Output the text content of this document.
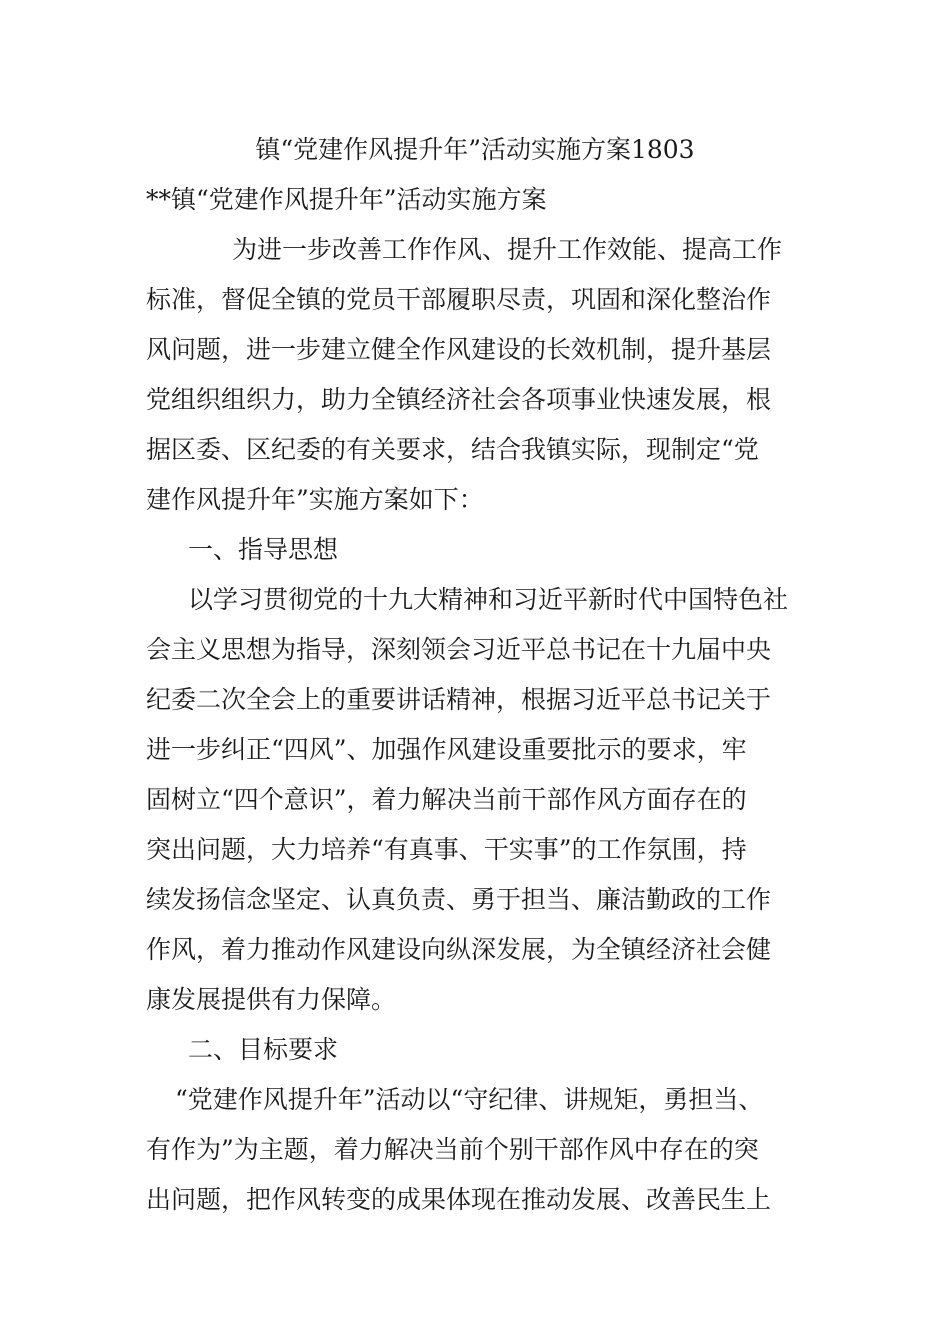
镇“党建作风提升年”活动实施方案1803
**镇“党建作风提升年”活动实施方案
为进一步改善工作作风、提升工作效能、提高工作
标准，督促全镇的党员干部履职尽责，巩固和深化整治作
风问题，进一步建立健全作风建设的长效机制，提升基层
党组织组织力，助力全镇经济社会各项事业快速发展，根
据区委、区纪委的有关要求，结合我镇实际，现制定“党
建作风提升年”实施方案如下：
一、指导思想
以学习贯彻党的十九大精神和习近平新时代中国特色社
会主义思想为指导，深刻领会习近平总书记在十九届中央
纪委二次全会上的重要讲话精神，根据习近平总书记关于
进一步纠正“四风”、加强作风建设重要批示的要求，牢
固树立“四个意识”，着力解决当前干部作风方面存在的
突出问题，大力培养“有真事、干实事”的工作氛围，持
续发扬信念坚定、认真负责、勇于担当、廉洁勤政的工作
作风，着力推动作风建设向纵深发展，为全镇经济社会健
康发展提供有力保障。
二、目标要求
“党建作风提升年”活动以“守纪律、讲规矩，勇担当、
有作为”为主题，着力解决当前个别干部作风中存在的突
出问题，把作风转变的成果体现在推动发展、改善民生上
